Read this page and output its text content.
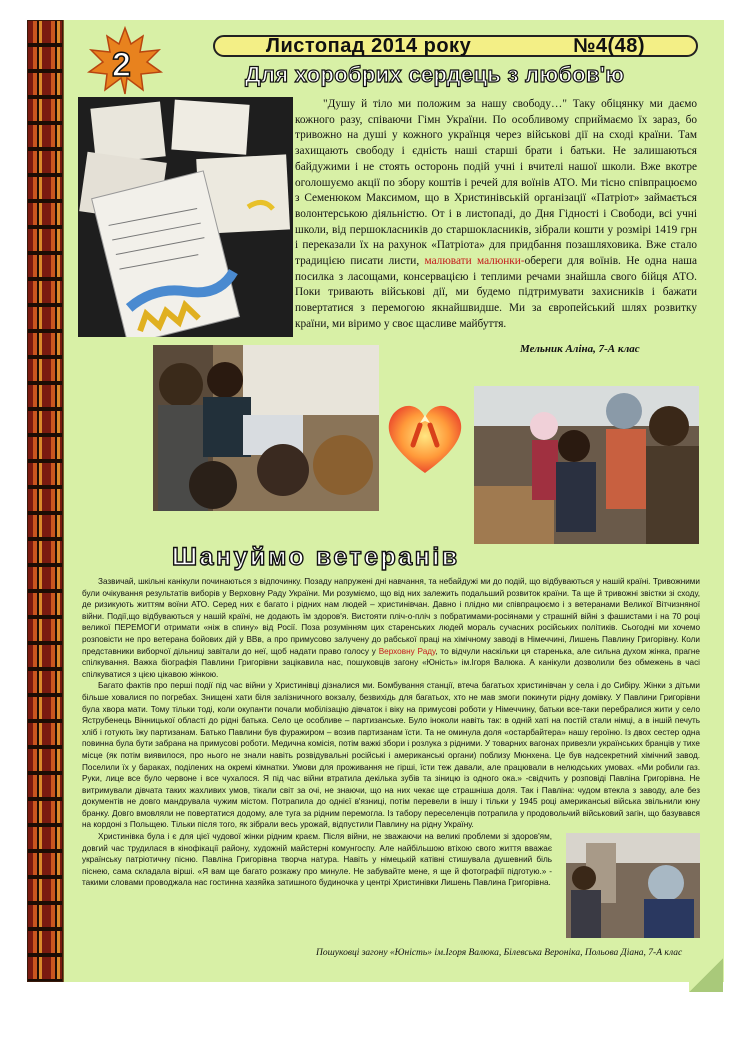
2	Листопад 2014 року	№4(48)
Для хоробрих сердець з любов'ю

"Душу й тіло ми положим за нашу свободу…" Таку обіцянку ми даємо кожного разу, співаючи Гімн України. По особливому сприймаємо їх зараз, бо тривожно на душі у кожного українця через військові дії на сході країни. Там захищають свободу і єдність наші старші брати і батьки. Не залишаються байдужими і не стоять осторонь подій учні і вчителі нашої школи. Вже вкотре оголошуємо акції по збору коштів і речей для воїнів АТО. Ми тісно співпрацюємо з Семенюком Максимом, що в Христинівській організації «Патріот» займається волонтерською діяльністю. От і в листопаді, до Дня Гідності і Свободи, всі учні школи, від першокласників до старшокласників, зібрали кошти у розмірі 1419 грн і переказали їх на рахунок «Патріота» для придбання позашляховика. Вже стало традицією писати листи, малювати малюнки-обереги для воїнів. Не одна наша посилка з ласощами, консервацією і теплими речами знайшла свого бійця АТО. Поки тривають військові дії, ми будемо підтримувати захисників і бажати повертатися з перемогою якнайшвидше. Ми за європейський шлях розвитку країни, ми віримо у своє щасливе майбуття.

Мельник Аліна, 7-А клас
Шануймо ветеранів

Зазвичай, шкільні канікули починаються з відпочинку. Позаду напружені дні навчання, та небайдужі ми до подій, що відбуваються у нашій країні. Тривожними були очікування результатів виборів у Верховну Раду України. Ми розуміємо, що від них залежить подальший розвиток країни. Та ще й тривожні звістки зі сходу, де ризикують життям воїни АТО. Серед них є багато і рідних нам людей – христинівчан. Давно і плідно ми співпрацюємо і з ветеранами Великої Вітчизняної війни. Події,що відбуваються у нашій країні, не додають їм здоров'я. Вистояти пліч-о-пліч з побратимами-росіянами у страшній війні з фашистами і на 70 році великої ПЕРЕМОГИ отримати «ніж в спину» від Росії. Поза розумінням цих старенських людей мораль сучасних російських політиків. Сьогодні ми хочемо розповісти не про ветерана бойових дій у ВВв, а про примусово залучену до рабської праці на хімічному заводі в Німеччині, Лишень Павлину Григорівну. Коли представники виборчої дільниці завітали до неї, щоб надати право голосу у Верховну Раду, то відчули наскільки ця старенька, але сильна духом жінка, прагне спілкування. Важка біографія Павлини Григорівни зацікавила нас, пошуковців загону «Юність» ім.Ігоря Валюка. А канікули дозволили без обмежень в часі спілкуватися з цією цікавою жінкою.

Багато фактів про перші події під час війни у Христинівці дізналися ми. Бомбування станції, втеча багатьох христинівчан у села і до Сибіру. Жінки з дітьми більше ховалися по погребах. Знищені хати біля залізничного вокзалу, безвихідь для багатьох, хто не мав змоги покинути рідну домівку. У Павлини Григорівни була хвора мати. Тому тільки тоді, коли окупанти почали мобілізацію дівчаток і віку на примусові роботи у Німеччину, батьки все-таки перебралися жити у село Яструбенець Вінницької області до рідні батька. Село це особливе – партизанське. Було іноколи навіть так: в одній хаті на постій стали німці, а в іншій печуть хліб і готують їжу партизанам. Батько Павлини був фуражиром – возив партизанам їсти. Та не оминула доля «остарбайтера» нашу героїню. Із двох сестер одна повинна була бути забрана на примусові роботи. Медична комісія, потім важкі збори і розлука з рідними. У товарних вагонах привезли українських бранців у тихе місце (як потім виявилося, про нього не знали навіть розвідувальні російські і американські органи) поблизу Мюнхена. Це був надсекретний хімічний завод. Поселили їх у бараках, поділених на окремі кімнатки. Умови для проживання не гірші, їсти теж давали, але працювали в нелюдських умовах. «Ми робили газ. Руки, лице все було червоне і все чухалося. Я під час війни втратила декілька зубів та зіницю із одного ока.» -свідчить у розповіді Павліна Григорівна. Не витримували дівчата таких жахливих умов, тікали світ за очі, не знаючи, що на них чекає ще страшніша доля. Так і Павліна: чудом втекла з заводу, але без документів не довго мандрувала чужим містом. Потрапила до однієї в'язниці, потім перевели в іншу і тільки у 1945 році американські війська звільнили юну бранку. Довго вмовляли не повертатися додому, але туга за рідним перемогла. Із табору переселенців потрапила у продовольчий військовий загін, що базувався на кордоні з Польщею. Тільки після того, як зібрали весь урожай, відпустили Павлину на рідну Україну.

Христинівка була і є для цієї чудової жінки рідним краєм. Після війни, не зважаючи на великі проблеми зі здоров'ям, довгий час трудилася в кінофікації району, художній майстерні комунгоспу. Але найбільшою втіхою свого життя вважає українську патріотичну пісню. Павліна Григорівна творча натура. Навіть у німецькій катівні стишувала душевний біль піснею, сама складала вірші. «Я вам ще багато розкажу про минуле. Не забувайте мене, я ще й фотографії підготую.» - такими словами проводжала нас гостинна хазяйка затишного будиночка у центрі Христинівки Лишень Павлина Григорівна.

Пошуковці загону «Юність» ім.Ігоря Валюка, Білевська Вероніка, Польова Діана, 7-А клас
